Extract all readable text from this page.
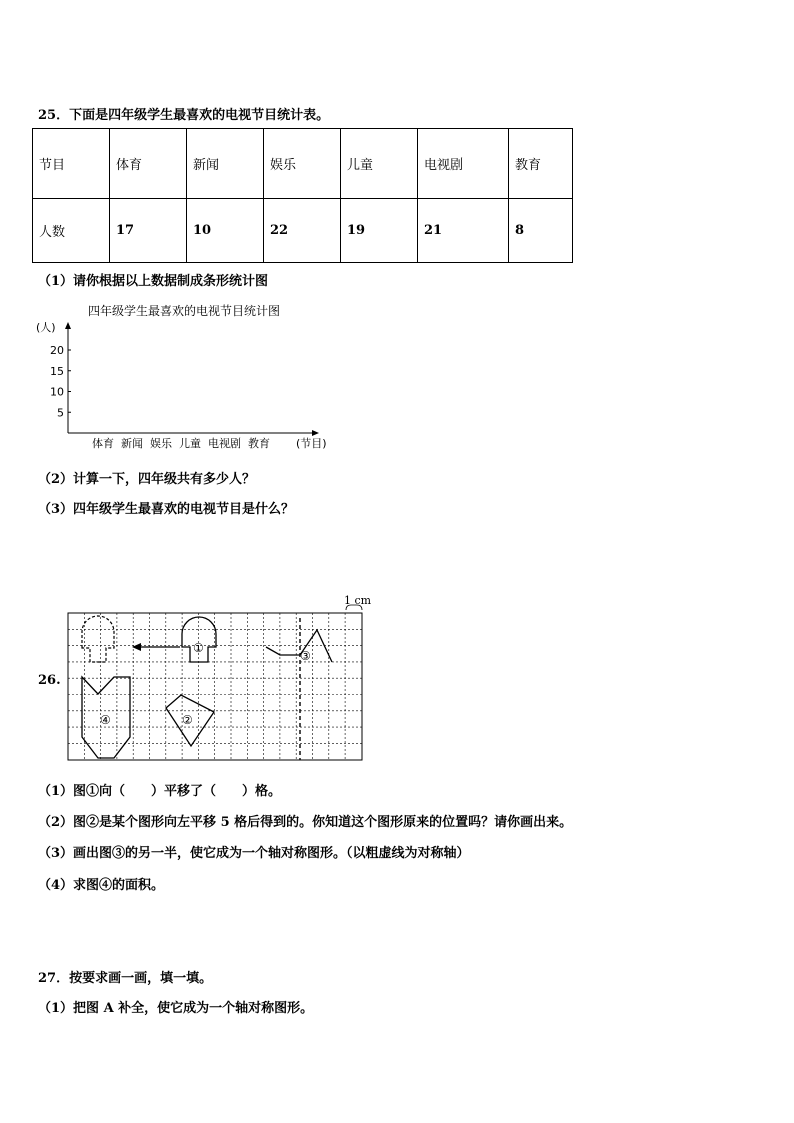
25．下面是四年级学生最喜欢的电视节目统计表。
节目	体育	新闻	娱乐	儿童	电视剧	教育
人数	17	10	22	19	21	8
（1）请你根据以上数据制成条形统计图
四年级学生最喜欢的电视节目统计图
(人)
5
10
15
20
体育 新闻 娱乐 儿童 电视剧 教育 (节目)
（2）计算一下，四年级共有多少人？
（3）四年级学生最喜欢的电视节目是什么？
26.
1 cm
①
③
④	②
（1）图①向（　　）平移了（　　）格。
（2）图②是某个图形向左平移 5 格后得到的。你知道这个图形原来的位置吗？请你画出来。
（3）画出图③的另一半，使它成为一个轴对称图形。（以粗虚线为对称轴）
（4）求图④的面积。
27．按要求画一画，填一填。
（1）把图 A 补全，使它成为一个轴对称图形。
